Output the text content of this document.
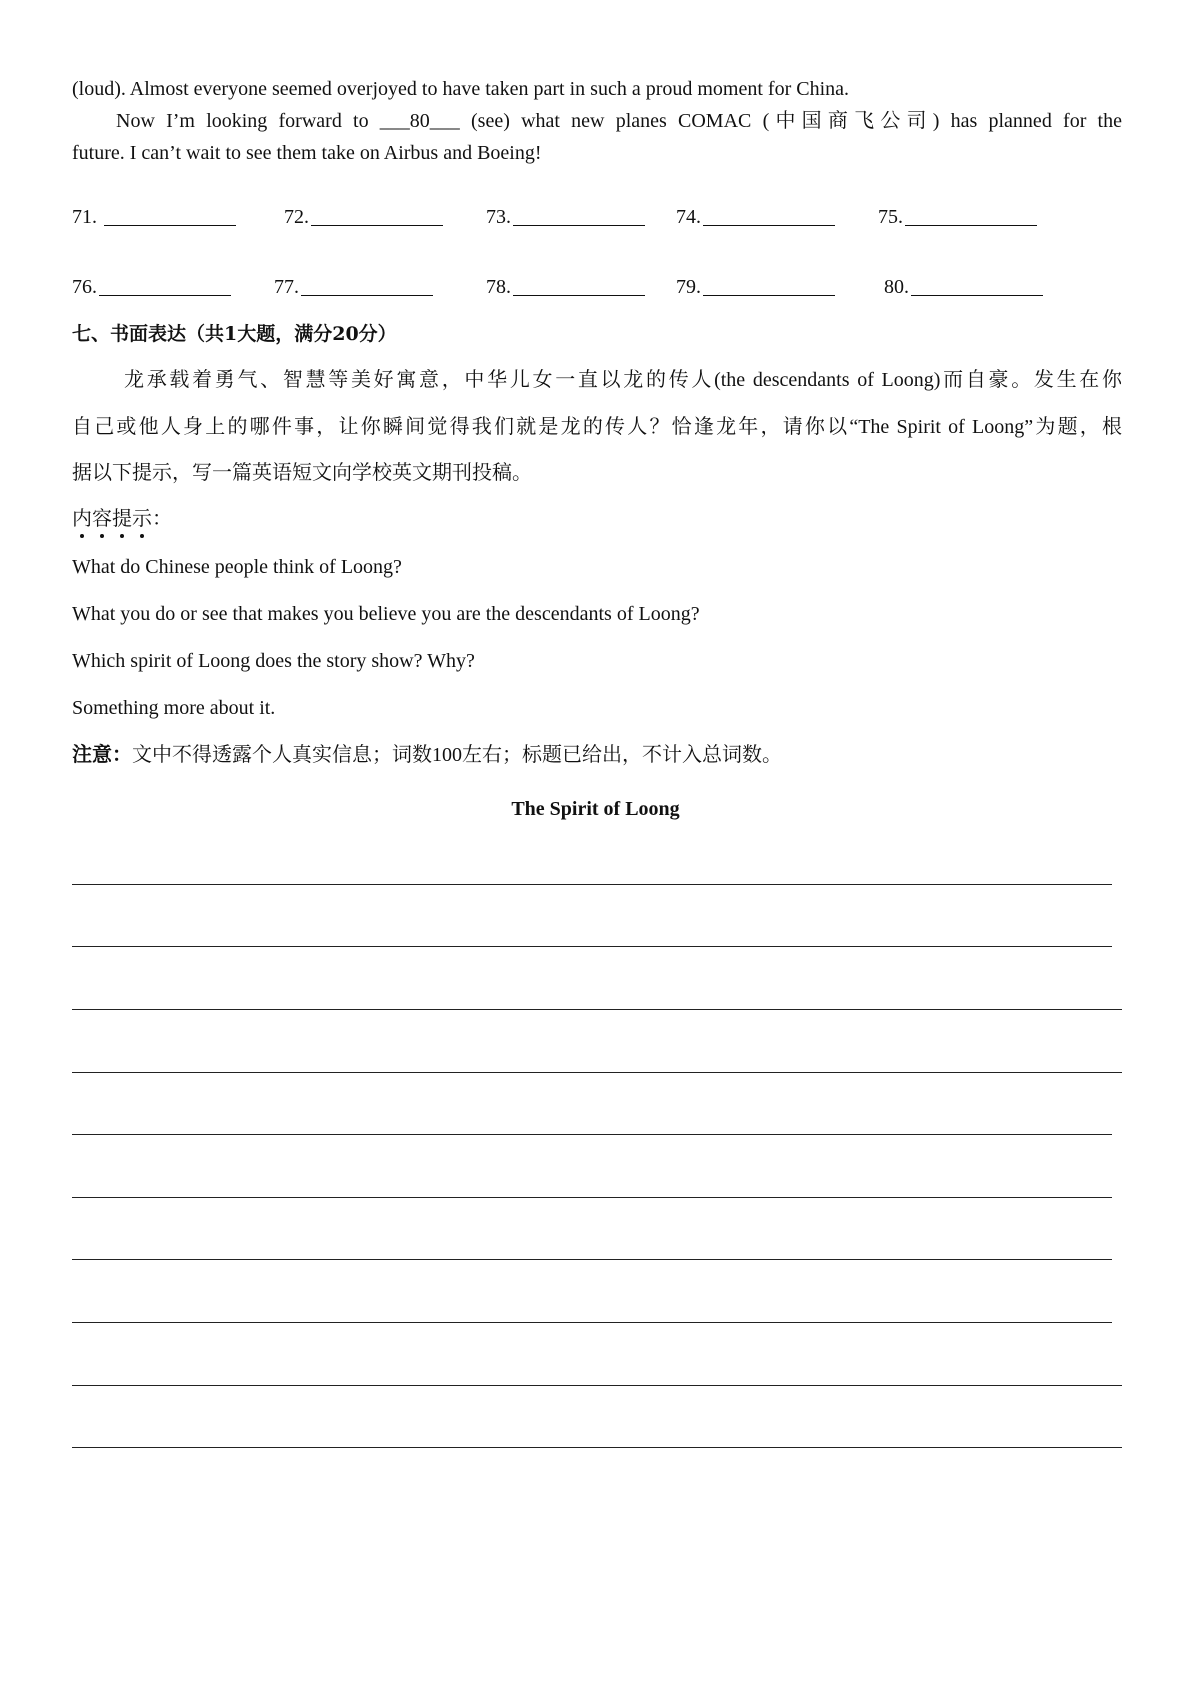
(loud). Almost everyone seemed overjoyed to have taken part in such a proud moment for China.
Now I’m looking forward to ___80___ (see) what new planes COMAC (中国商飞公司) has planned for the
future. I can’t wait to see them take on Airbus and Boeing!
71.	72.	73.	74.	75.
76.	77.	78.	79.	80.
七、书面表达（共1大题，满分20分）
龙承载着勇气、智慧等美好寓意，中华儿女一直以龙的传人(the descendants of Loong)而自豪。发生在你
自己或他人身上的哪件事，让你瞬间觉得我们就是龙的传人？恰逢龙年，请你以“The Spirit of Loong”为题，根
据以下提示，写一篇英语短文向学校英文期刊投稿。
内容提示：
What do Chinese people think of Loong?
What you do or see that makes you believe you are the descendants of Loong?
Which spirit of Loong does the story show? Why?
Something more about it.
注意：文中不得透露个人真实信息；词数100左右；标题已给出，不计入总词数。
The Spirit of Loong
